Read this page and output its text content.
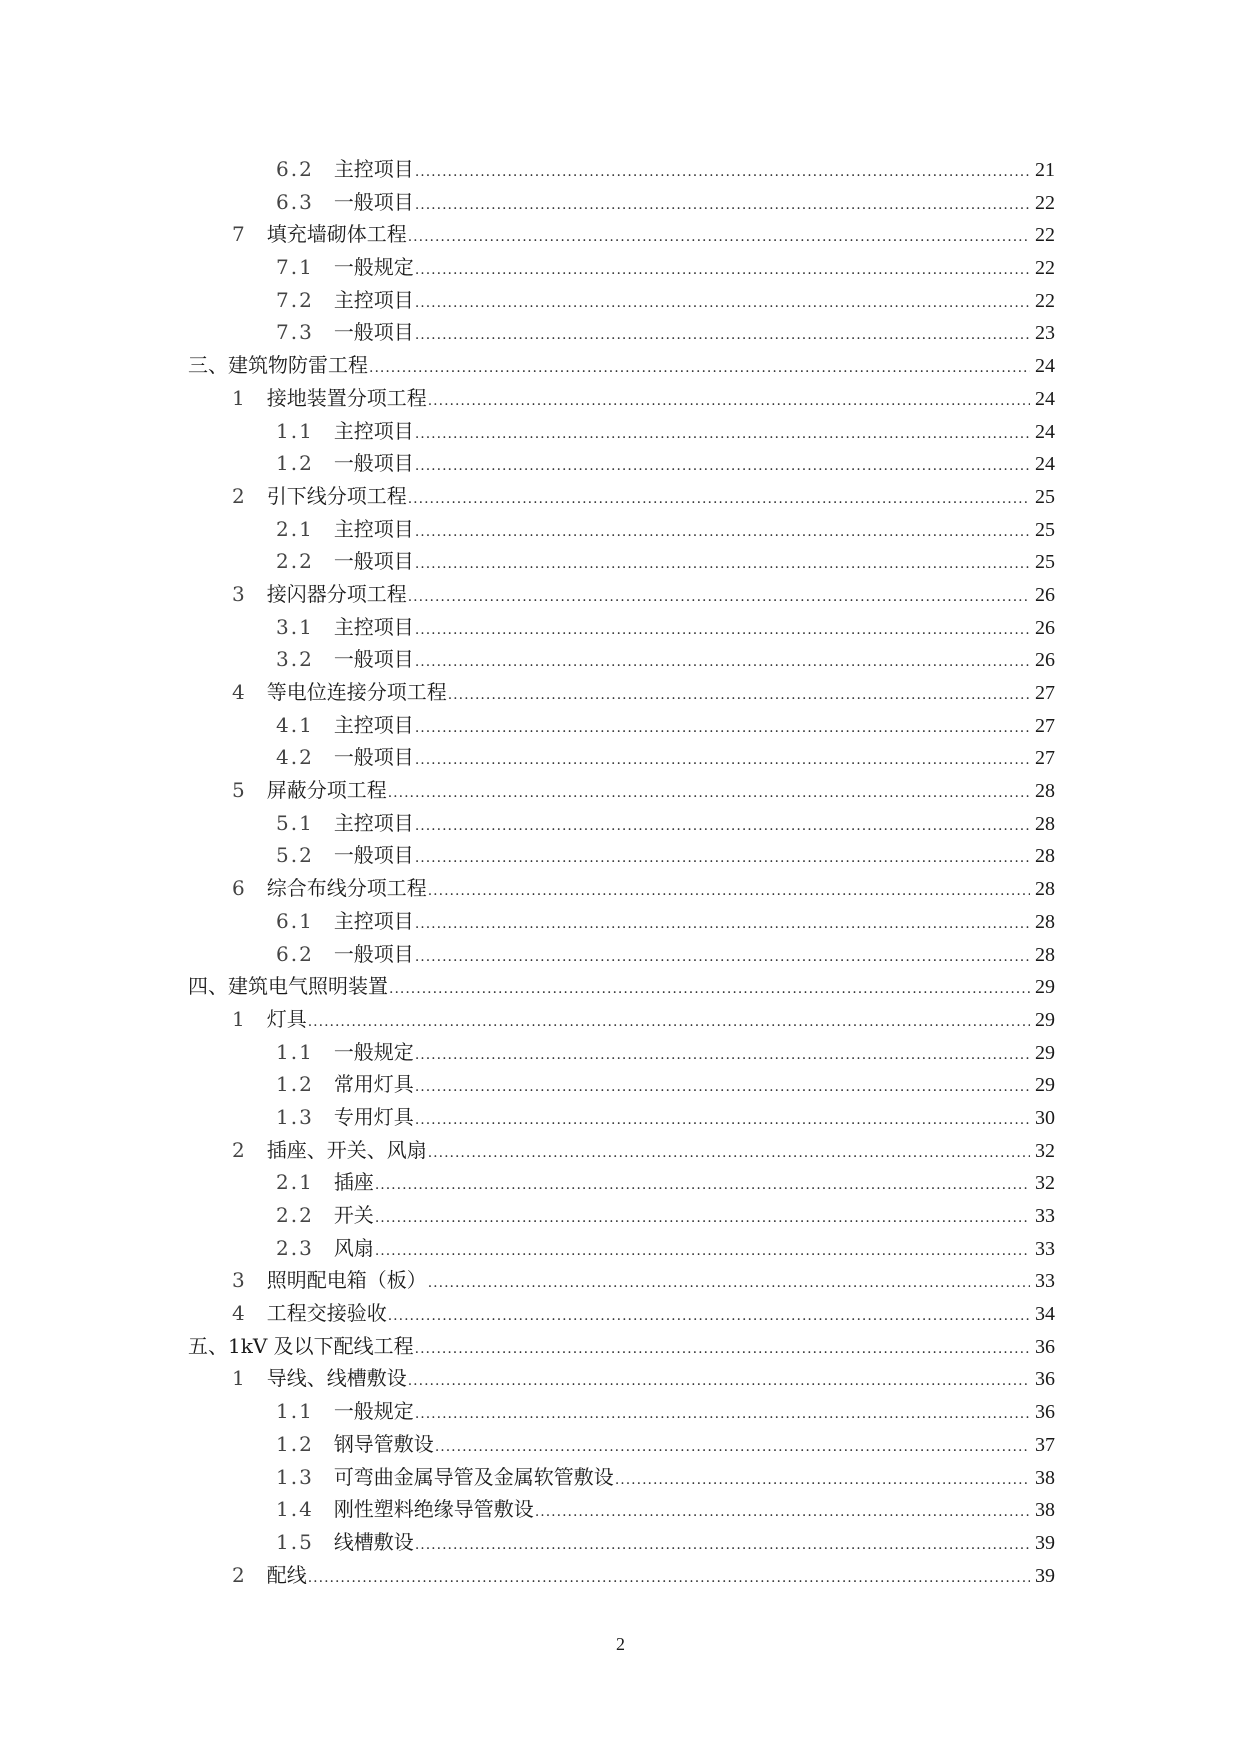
6.2 主控项目 .....	21
6.3 一般项目 .....	22
7 填充墙砌体工程 .....	22
7.1 一般规定 .....	22
7.2 主控项目 .....	22
7.3 一般项目 .....	23
三、 建筑物防雷工程 .....	24
1 接地装置分项工程 .....	24
1.1 主控项目 .....	24
1.2 一般项目 .....	24
2 引下线分项工程 .....	25
2.1 主控项目 .....	25
2.2 一般项目 .....	25
3 接闪器分项工程 .....	26
3.1 主控项目 .....	26
3.2 一般项目 .....	26
4 等电位连接分项工程 .....	27
4.1 主控项目 .....	27
4.2 一般项目 .....	27
5 屏蔽分项工程 .....	28
5.1 主控项目 .....	28
5.2 一般项目 .....	28
6 综合布线分项工程 .....	28
6.1 主控项目 .....	28
6.2 一般项目 .....	28
四、 建筑电气照明装置 .....	29
1 灯具 .....	29
1.1 一般规定 .....	29
1.2 常用灯具 .....	29
1.3 专用灯具 .....	30
2 插座、开关、风扇 .....	32
2.1 插座 .....	32
2.2 开关 .....	33
2.3 风扇 .....	33
3 照明配电箱（板） .....	33
4 工程交接验收 .....	34
五、 1kV 及以下配线工程 .....	36
1 导线、线槽敷设 .....	36
1.1 一般规定 .....	36
1.2 钢导管敷设 .....	37
1.3 可弯曲金属导管及金属软管敷设 .....	38
1.4 刚性塑料绝缘导管敷设 .....	38
1.5 线槽敷设 .....	39
2 配线 .....	39
2
